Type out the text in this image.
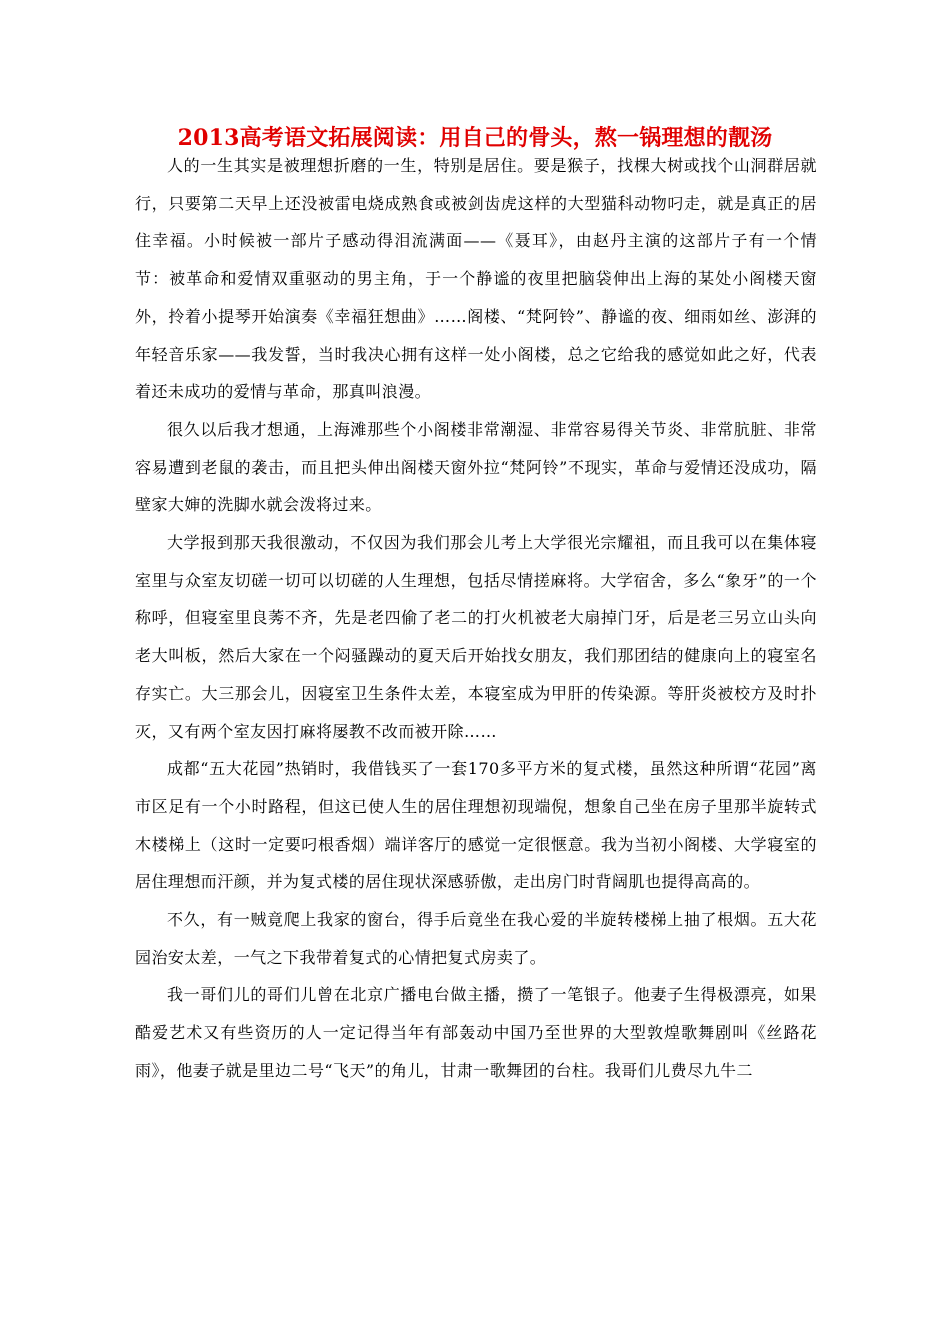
2013高考语文拓展阅读：用自己的骨头，熬一锅理想的靓汤

人的一生其实是被理想折磨的一生，特别是居住。要是猴子，找棵大树或找个山洞群居就行，只要第二天早上还没被雷电烧成熟食或被剑齿虎这样的大型猫科动物叼走，就是真正的居住幸福。小时候被一部片子感动得泪流满面——《聂耳》，由赵丹主演的这部片子有一个情节：被革命和爱情双重驱动的男主角，于一个静谧的夜里把脑袋伸出上海的某处小阁楼天窗外，拎着小提琴开始演奏《幸福狂想曲》……阁楼、“梵阿铃”、静谧的夜、细雨如丝、澎湃的年轻音乐家——我发誓，当时我决心拥有这样一处小阁楼，总之它给我的感觉如此之好，代表着还未成功的爱情与革命，那真叫浪漫。

很久以后我才想通，上海滩那些个小阁楼非常潮湿、非常容易得关节炎、非常肮脏、非常容易遭到老鼠的袭击，而且把头伸出阁楼天窗外拉“梵阿铃”不现实，革命与爱情还没成功，隔壁家大婶的洗脚水就会泼将过来。

大学报到那天我很激动，不仅因为我们那会儿考上大学很光宗耀祖，而且我可以在集体寝室里与众室友切磋一切可以切磋的人生理想，包括尽情搓麻将。大学宿舍，多么“象牙”的一个称呼，但寝室里良莠不齐，先是老四偷了老二的打火机被老大扇掉门牙，后是老三另立山头向老大叫板，然后大家在一个闷骚躁动的夏天后开始找女朋友，我们那团结的健康向上的寝室名存实亡。大三那会儿，因寝室卫生条件太差，本寝室成为甲肝的传染源。等肝炎被校方及时扑灭，又有两个室友因打麻将屡教不改而被开除……

成都“五大花园”热销时，我借钱买了一套170多平方米的复式楼，虽然这种所谓“花园”离市区足有一个小时路程，但这已使人生的居住理想初现端倪，想象自己坐在房子里那半旋转式木楼梯上（这时一定要叼根香烟）端详客厅的感觉一定很惬意。我为当初小阁楼、大学寝室的居住理想而汗颜，并为复式楼的居住现状深感骄傲，走出房门时背阔肌也提得高高的。

不久，有一贼竟爬上我家的窗台，得手后竟坐在我心爱的半旋转楼梯上抽了根烟。五大花园治安太差，一气之下我带着复式的心情把复式房卖了。

我一哥们儿的哥们儿曾在北京广播电台做主播，攒了一笔银子。他妻子生得极漂亮，如果酷爱艺术又有些资历的人一定记得当年有部轰动中国乃至世界的大型敦煌歌舞剧叫《丝路花雨》，他妻子就是里边二号“飞天”的角儿，甘肃一歌舞团的台柱。我哥们儿费尽九牛二
